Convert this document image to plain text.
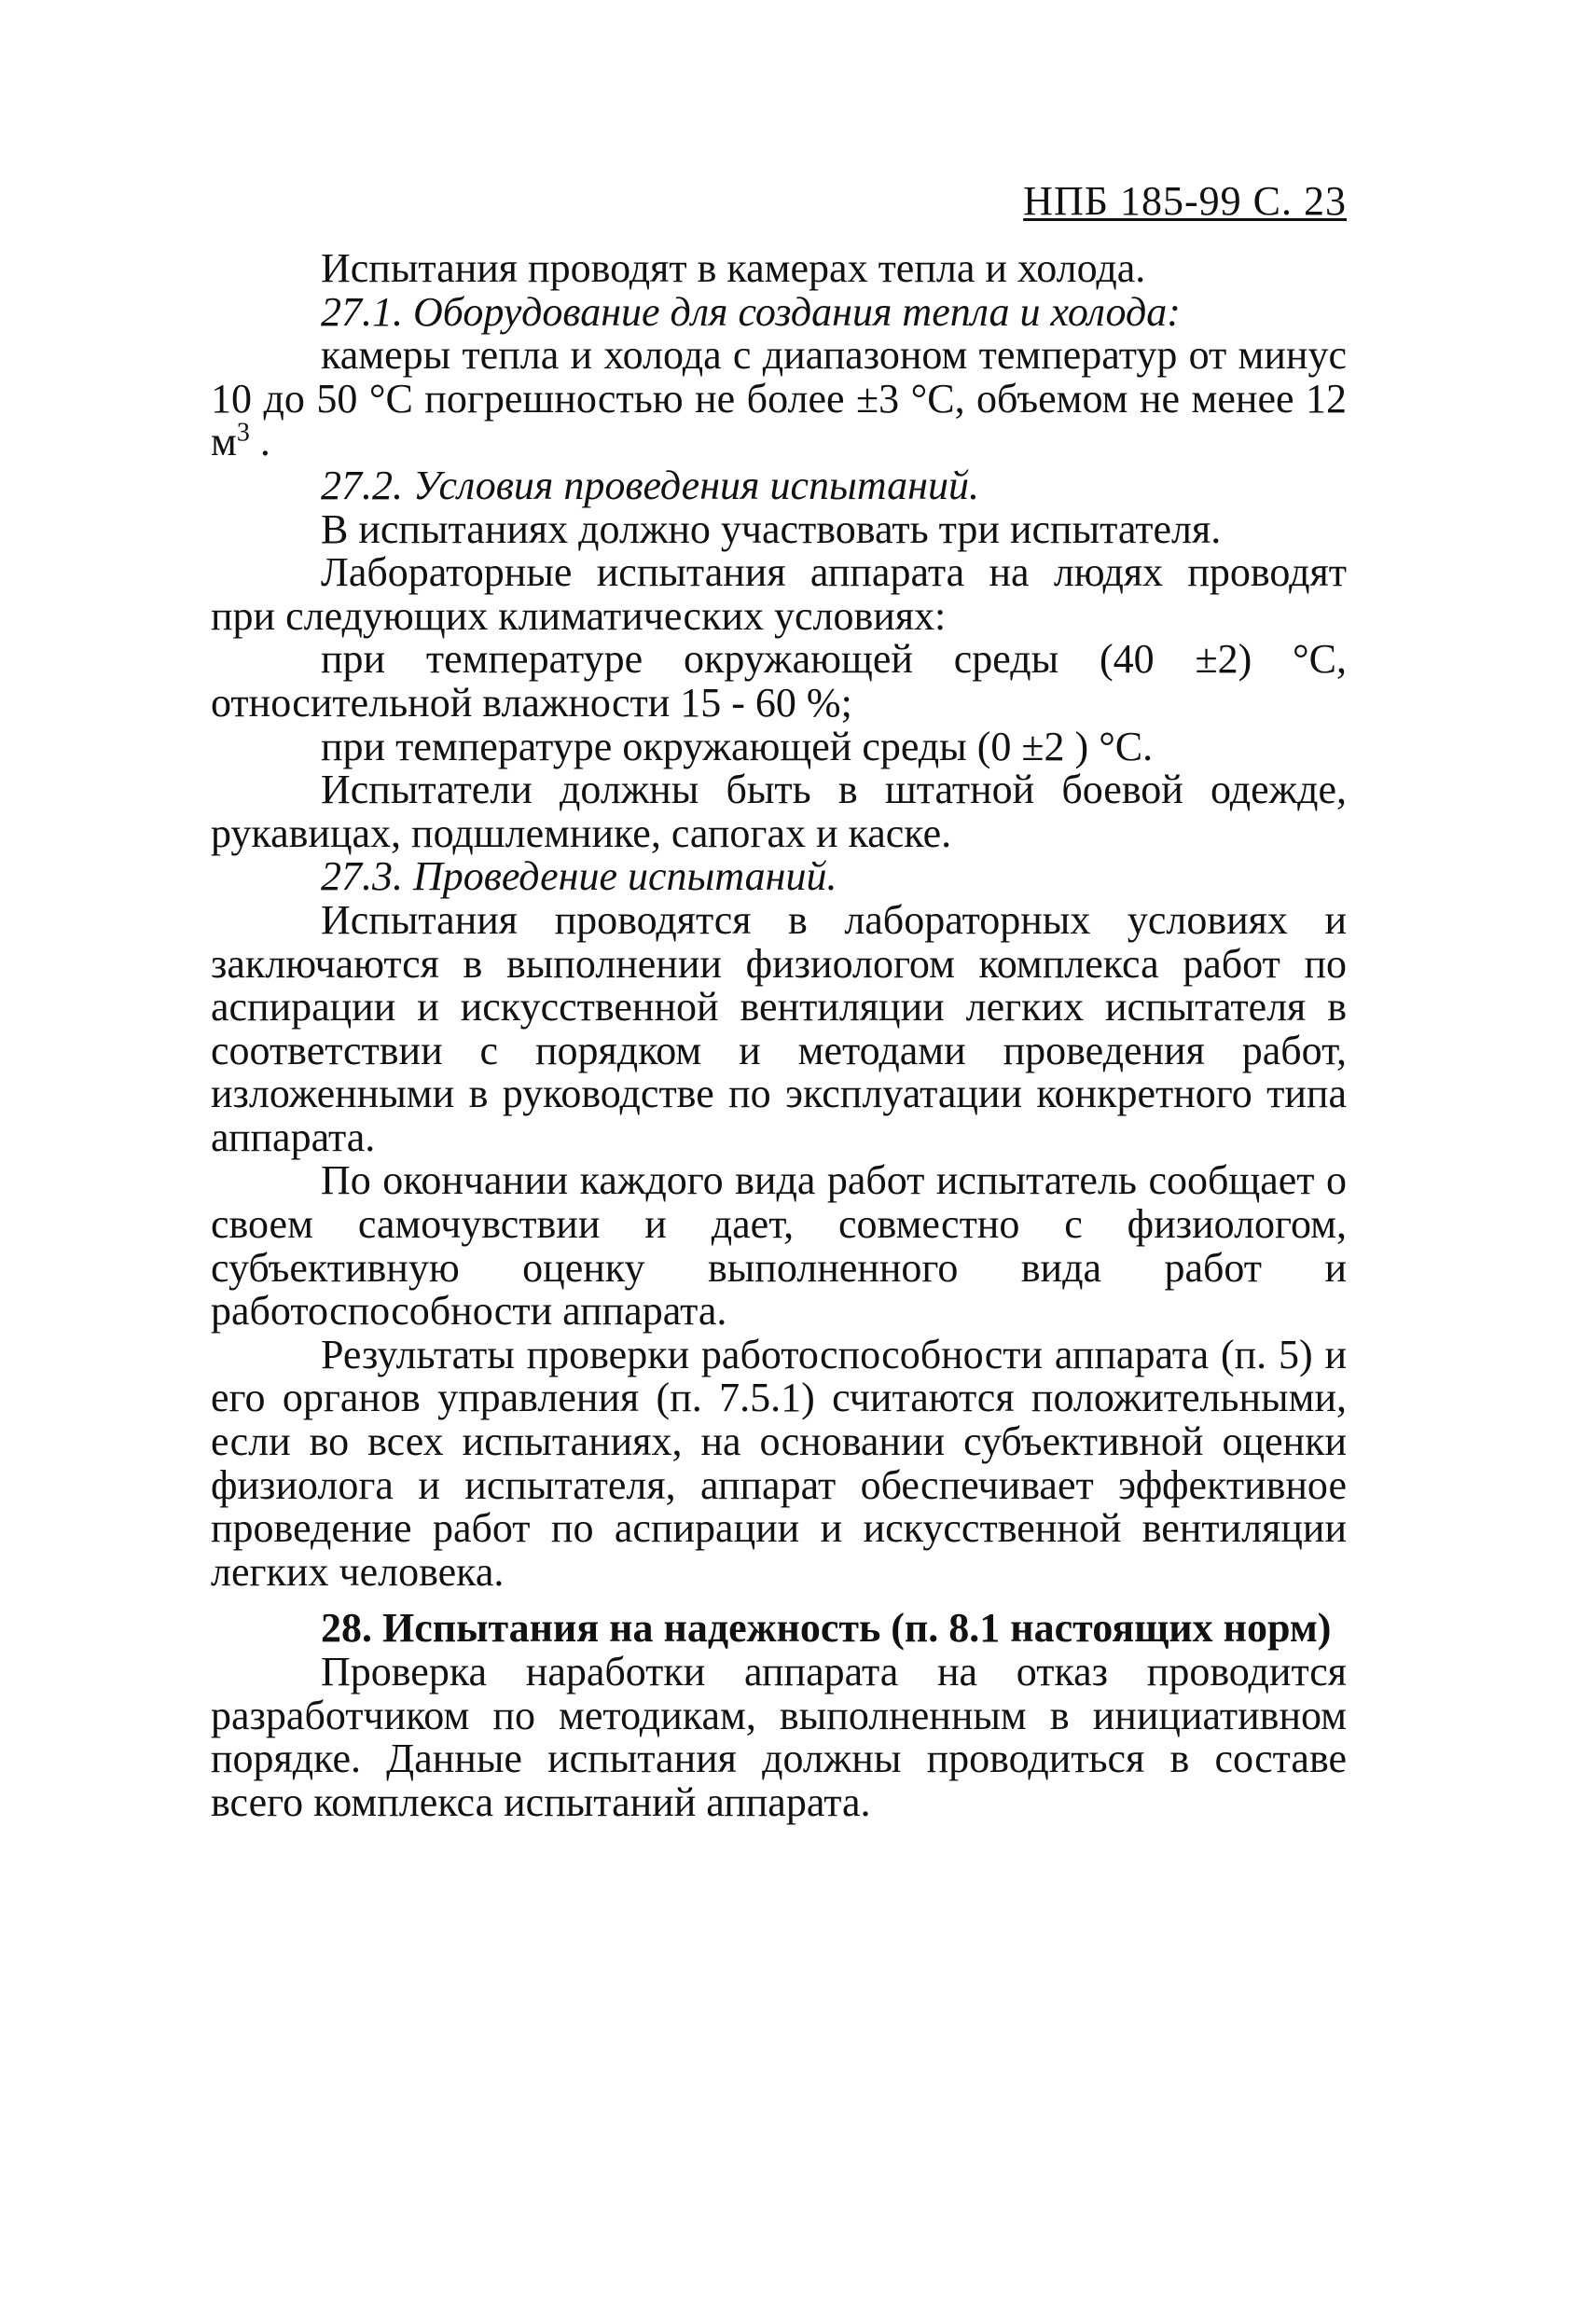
НПБ 185-99 С. 23

Испытания проводят в камерах тепла и холода.

27.1. Оборудование для создания тепла и холода:

камеры тепла и холода с диапазоном температур от минус 10 до 50 °С погрешностью не более ±3 °С, объемом не менее 12 $м^3$ .

27.2. Условия проведения испытаний.

В испытаниях должно участвовать три испытателя.

Лабораторные испытания аппарата на людях проводят при следующих климатических условиях:

при температуре окружающей среды (40 ±2) °С, относительной влажности 15 - 60 %;

при температуре окружающей среды (0 ±2 ) °С.

Испытатели должны быть в штатной боевой одежде, рукавицах, подшлемнике, сапогах и каске.

27.3. Проведение испытаний.

Испытания проводятся в лабораторных условиях и заключаются в выполнении физиологом комплекса работ по аспирации и искусственной вентиляции легких испытателя в соответствии с порядком и методами проведения работ, изложенными в руководстве по эксплуатации конкретного типа аппарата.

По окончании каждого вида работ испытатель сообщает о своем самочувствии и дает, совместно с физиологом, субъективную оценку выполненного вида работ и работоспособности аппарата.

Результаты проверки работоспособности аппарата (п. 5) и его органов управления (п. 7.5.1) считаются положительными, если во всех испытаниях, на основании субъективной оценки физиолога и испытателя, аппарат обеспечивает эффективное проведение работ по аспирации и искусственной вентиляции легких человека.

28. Испытания на надежность (п. 8.1 настоящих норм)

Проверка наработки аппарата на отказ проводится разработчиком по методикам, выполненным в инициативном порядке. Данные испытания должны проводиться в составе всего комплекса испытаний аппарата.
